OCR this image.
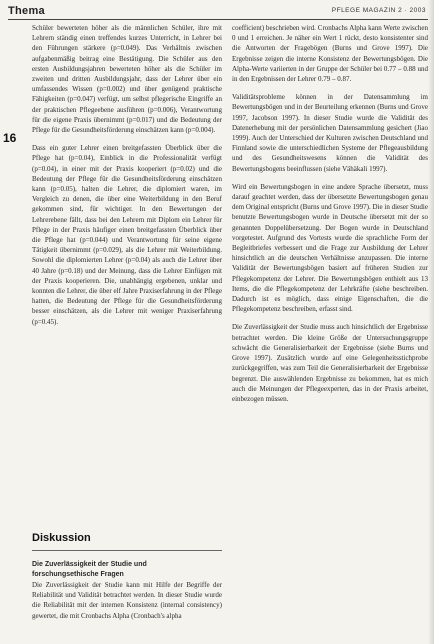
Thema	PFLEGE MAGAZIN 2 · 2003
16

Schüler bewerteten höher als die männlichen Schüler, ihre mit Lehrern ständig einen treffendes kurzes Unterricht, in Lehrer bei den Führungen stärkere (p=0.049). Das Verhältnis zwischen aufgabenmäßig beitrag eine Bestätigung. Die Schüler aus den ersten Ausbildungsjahren bewerteten höher als die Schüler im zweiten und dritten Ausbildungsjahr, dass der Lehrer über ein umfassendes Wissen (p=0.002) und über genügend praktische Fähigkeiten (p=0.047) verfügt, um selbst pflegerische Eingriffe an der praktischen Pflegeebene ausführen (p=0.006), Verantwortung für die eigene Praxis übernimmt (p=0.017) und die Bedeutung der Pflege für die Gesundheitsförderung einschätzen kann (p=0.004).

Dass ein guter Lehrer einen breitgefassten Überblick über die Pflege hat (p=0.04), Einblick in die Professionalität verfügt (p=0.04), in einer mit der Praxis kooperiert (p=0.02) und die Bedeutung der Pflege für die Gesundheitsförderung einschätzen kann (p=0.05), halten die Lehrer, die diplomiert waren, im Vergleich zu denen, die über eine Weiterbildung in den Beruf gekommen sind, für wichtiger. In den Bewertungen der Lehrerebene fällt, dass bei den Lehrern mit Diplom ein Lehrer für Pflege in der Praxis häufiger einen breitgefassten Überblick über die Pflege hat (p=0.044) und Verantwortung für seine eigene Tätigkeit übernimmt (p=0.029), als die Lehrer mit Weiterbildung. Sowohl die diplomierten Lehrer (p=0.04) als auch die Lehrer über 40 Jahre (p=0.18) und der Meinung, dass die Lehrer Einfügen mit der Praxis kooperieren. Die, unabhängig ergebenen, unklar und konnten die Lehrer, die über elf Jahre Praxiserfahrung in der Pflege hatten, die Bedeutung der Pflege für die Gesundheitsförderung besser einschätzen, als die Lehrer mit weniger Praxiserfahrung (p=0.45).

Diskussion
Die Zuverlässigkeit der Studie und
forschungsethische Fragen

Die Zuverlässigkeit der Studie kann mit Hilfe der Begriffe der Reliabilität und Validität betrachtet werden. In dieser Studie wurde die Reliabilität mit der internen Konsistenz (internal consistency) gewertet, die mit Cronbachs Alpha (Cronbach's alpha

coefficient) beschrieben wird. Cronbachs Alpha kann Werte zwischen 0 und 1 erreichen. Je näher ein Wert 1 rückt, desto konsistenter sind die Antworten der Fragebögen (Burns und Grove 1997). Die Ergebnisse zeigen die interne Konsistenz der Bewertungsbögen. Die Alpha-Werte variierten in der Gruppe der Schüler bei 0.77 – 0.88 und in den Ergebnissen der Lehrer 0.79 – 0.87.

Validitätsprobleme können in der Datensammlung im Bewertungsbögen und in der Beurteilung erkennen (Burns und Grove 1997, Jacobson 1997). In dieser Studie wurde die Validität des Datenerhebung mit der persönlichen Datensammlung gesichert (Jiao 1999). Auch der Unterschied der Kulturen zwischen Deutschland und Finnland sowie die unterschiedlichen Systeme der Pflegeausbildung und des Gesundheitswesens können die Validität des Bewertungsbogens beeinflussen (siehe Vähäkali 1997).

Wird ein Bewertungsbogen in eine andere Sprache übersetzt, muss darauf geachtet werden, dass der übersetzte Bewertungsbogen genau dem Original entspricht (Burns und Grove 1997). Die in dieser Studie benutzte Bewertungsbogen wurde in Deutsche übersetzt mit der so genannten Doppelübersetzung. Der Bogen wurde in Deutschland vorgetestet. Aufgrund des Vortests wurde die sprachliche Form der Begleitbriefes verbessert und die Frage zur Ausbildung der Lehrer hinsichtlich an die deutschen Verhältnisse anzupassen. Die interne Validität der Bewertungsbögen basiert auf früheren Studien zur Pflegekompetenz der Lehrer. Die Bewertungsbögen enthielt aus 13 Items, die die Pflegekompetenz der Lehrkräfte (siehe beschreiben. Dadurch ist es möglich, dass einige Eigenschaften, die die Pflegekompetenz beschreiben, erfasst sind.

Die Zuverlässigkeit der Studie muss auch hinsichtlich der Ergebnisse betrachtet werden. Die kleine Größe der Untersuchungsgruppe schwächt die Generalisierbarkeit der Ergebnisse (siehe Burns und Grove 1997). Zusätzlich wurde auf eine Gelegenheitsstichprobe zurückgegriffen, was zum Teil die Generalisierbarkeit der Ergebnisse begrenzt. Die auswählenden Ergebnisse zu bekommen, hat es mich auch die Meinungen der Pflegeexperten, das in der Praxis arbeitet, einbezogen müssen.
